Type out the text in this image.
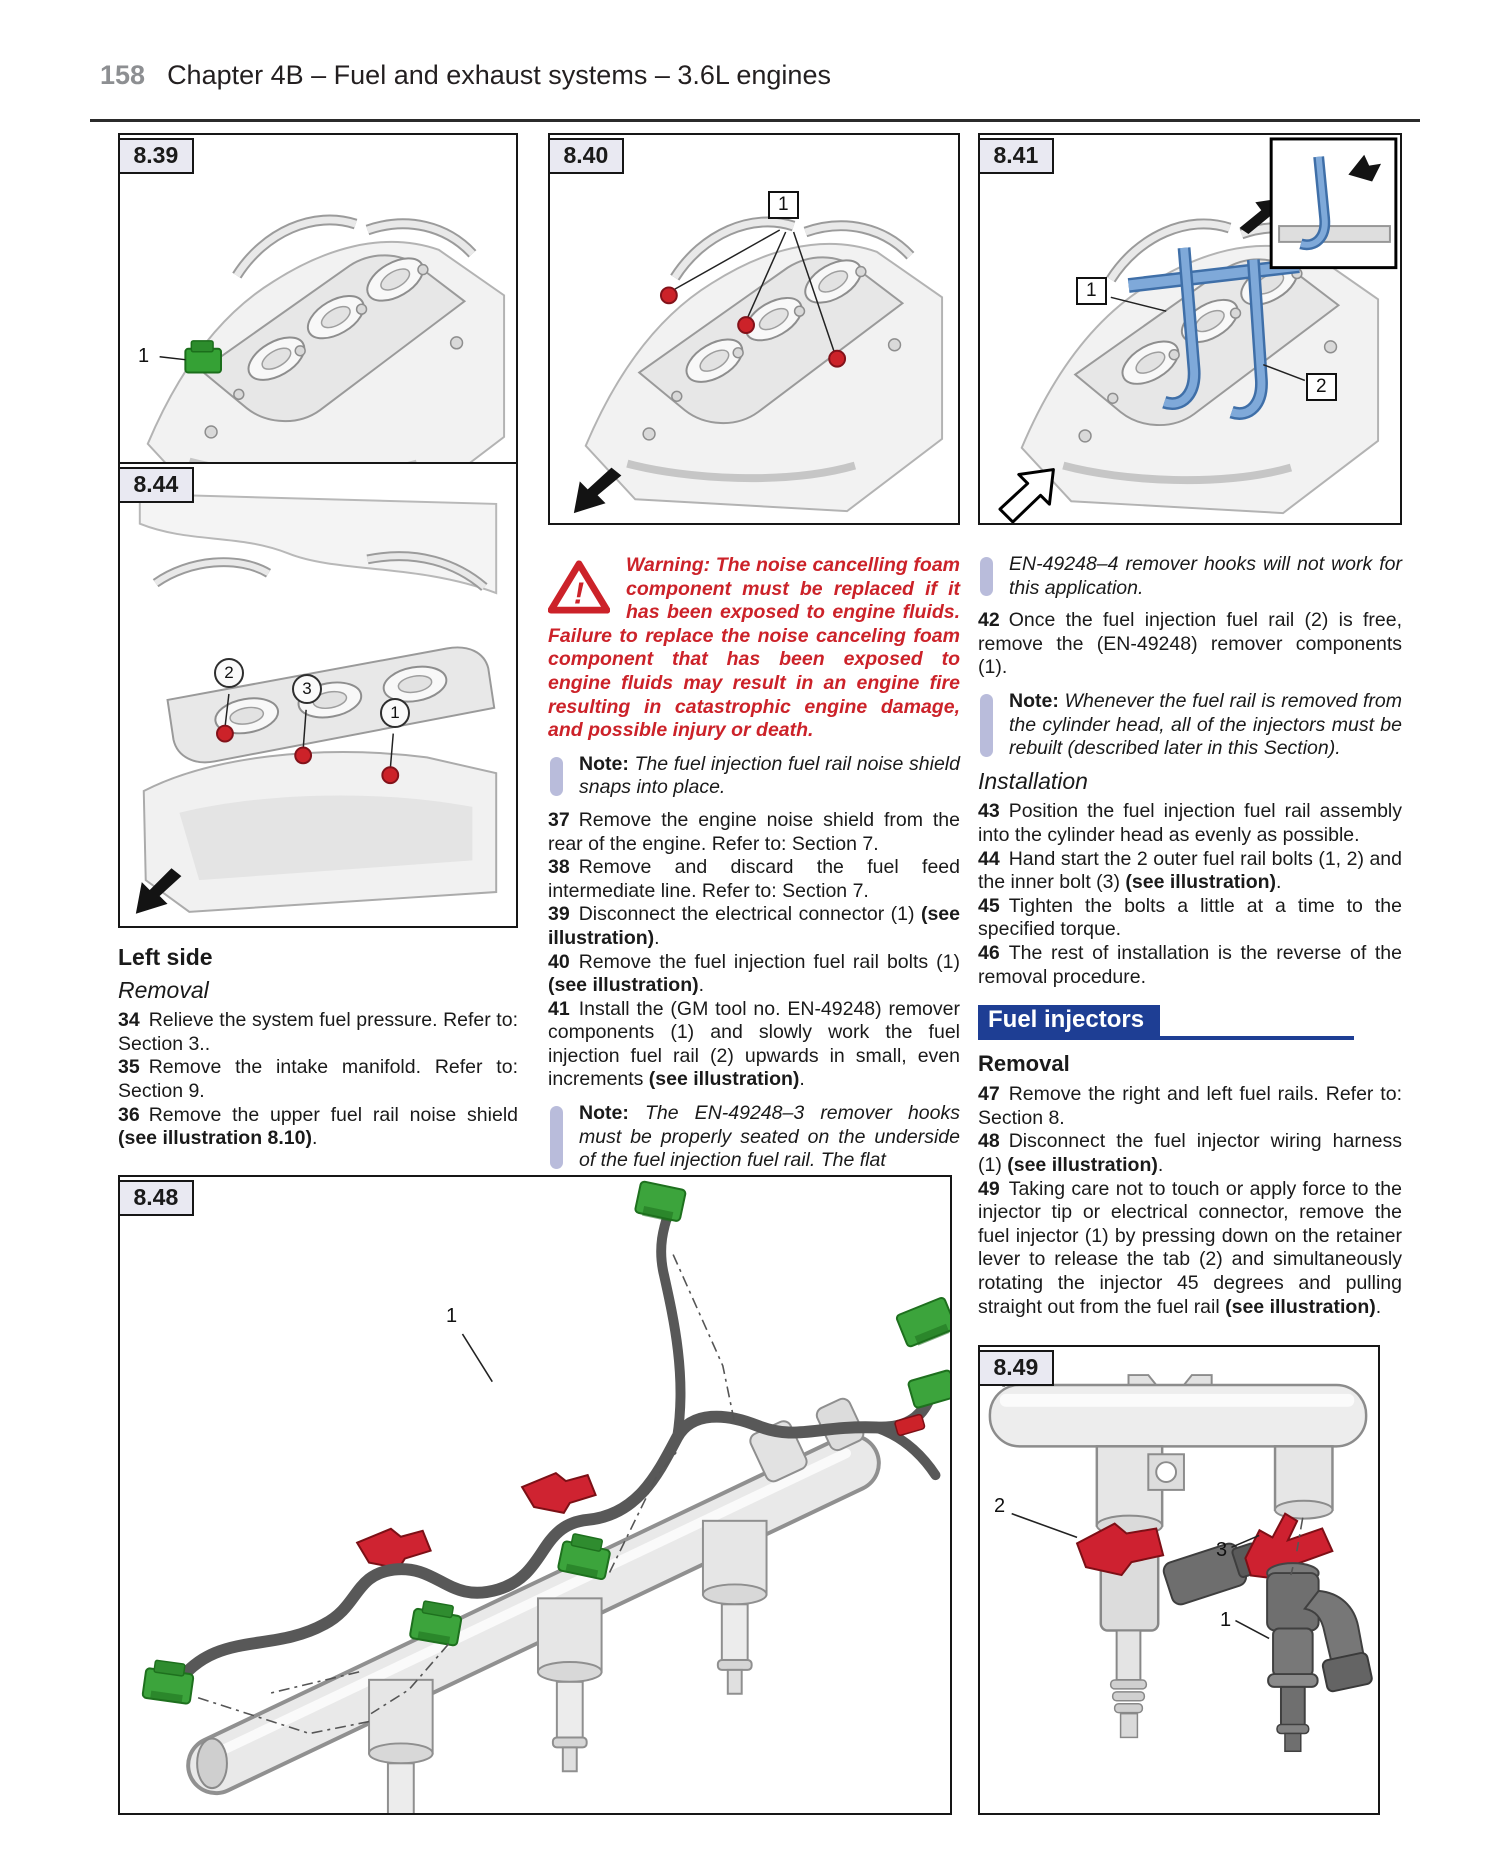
158 Chapter 4B – Fuel and exhaust systems – 3.6L engines
8.39
1
8.40
1
8.41
1
2
8.44
2
3
1
8.48
1
8.49
2
3
1
Left side
Removal

34 Relieve the system fuel pressure. Refer to: Section 3..

35 Remove the intake manifold. Refer to: Section 9.

36 Remove the upper fuel rail noise shield (see illustration 8.10).

!
Warning: The noise cancelling foam component must be replaced if it has been exposed to engine fluids. Failure to replace the noise canceling foam component that has been exposed to engine fluids may result in an engine fire resulting in catastrophic engine damage, and possible injury or death.

Note: The fuel injection fuel rail noise shield snaps into place.

37 Remove the engine noise shield from the rear of the engine. Refer to: Section 7.

38 Remove and discard the fuel feed intermediate line. Refer to: Section 7.

39 Disconnect the electrical connector (1) (see illustration).

40 Remove the fuel injection fuel rail bolts (1) (see illustration).

41 Install the (GM tool no. EN-49248) remover components (1) and slowly work the fuel injection fuel rail (2) upwards in small, even increments (see illustration).

Note: The EN-49248–3 remover hooks must be properly seated on the underside of the fuel injection fuel rail. The flat

EN-49248–4 remover hooks will not work for this application.

42 Once the fuel injection fuel rail (2) is free, remove the (EN-49248) remover components (1).

Note: Whenever the fuel rail is removed from the cylinder head, all of the injectors must be rebuilt (described later in this Section).

Installation

43 Position the fuel injection fuel rail assembly into the cylinder head as evenly as possible.

44 Hand start the 2 outer fuel rail bolts (1, 2) and the inner bolt (3) (see illustration).

45 Tighten the bolts a little at a time to the specified torque.

46 The rest of installation is the reverse of the removal procedure.

Fuel injectors
Removal

47 Remove the right and left fuel rails. Refer to: Section 8.

48 Disconnect the fuel injector wiring harness (1) (see illustration).

49 Taking care not to touch or apply force to the injector tip or electrical connector, remove the fuel injector (1) by pressing down on the retainer lever to release the tab (2) and simultaneously rotating the injector 45 degrees and pulling straight out from the fuel rail (see illustration).
